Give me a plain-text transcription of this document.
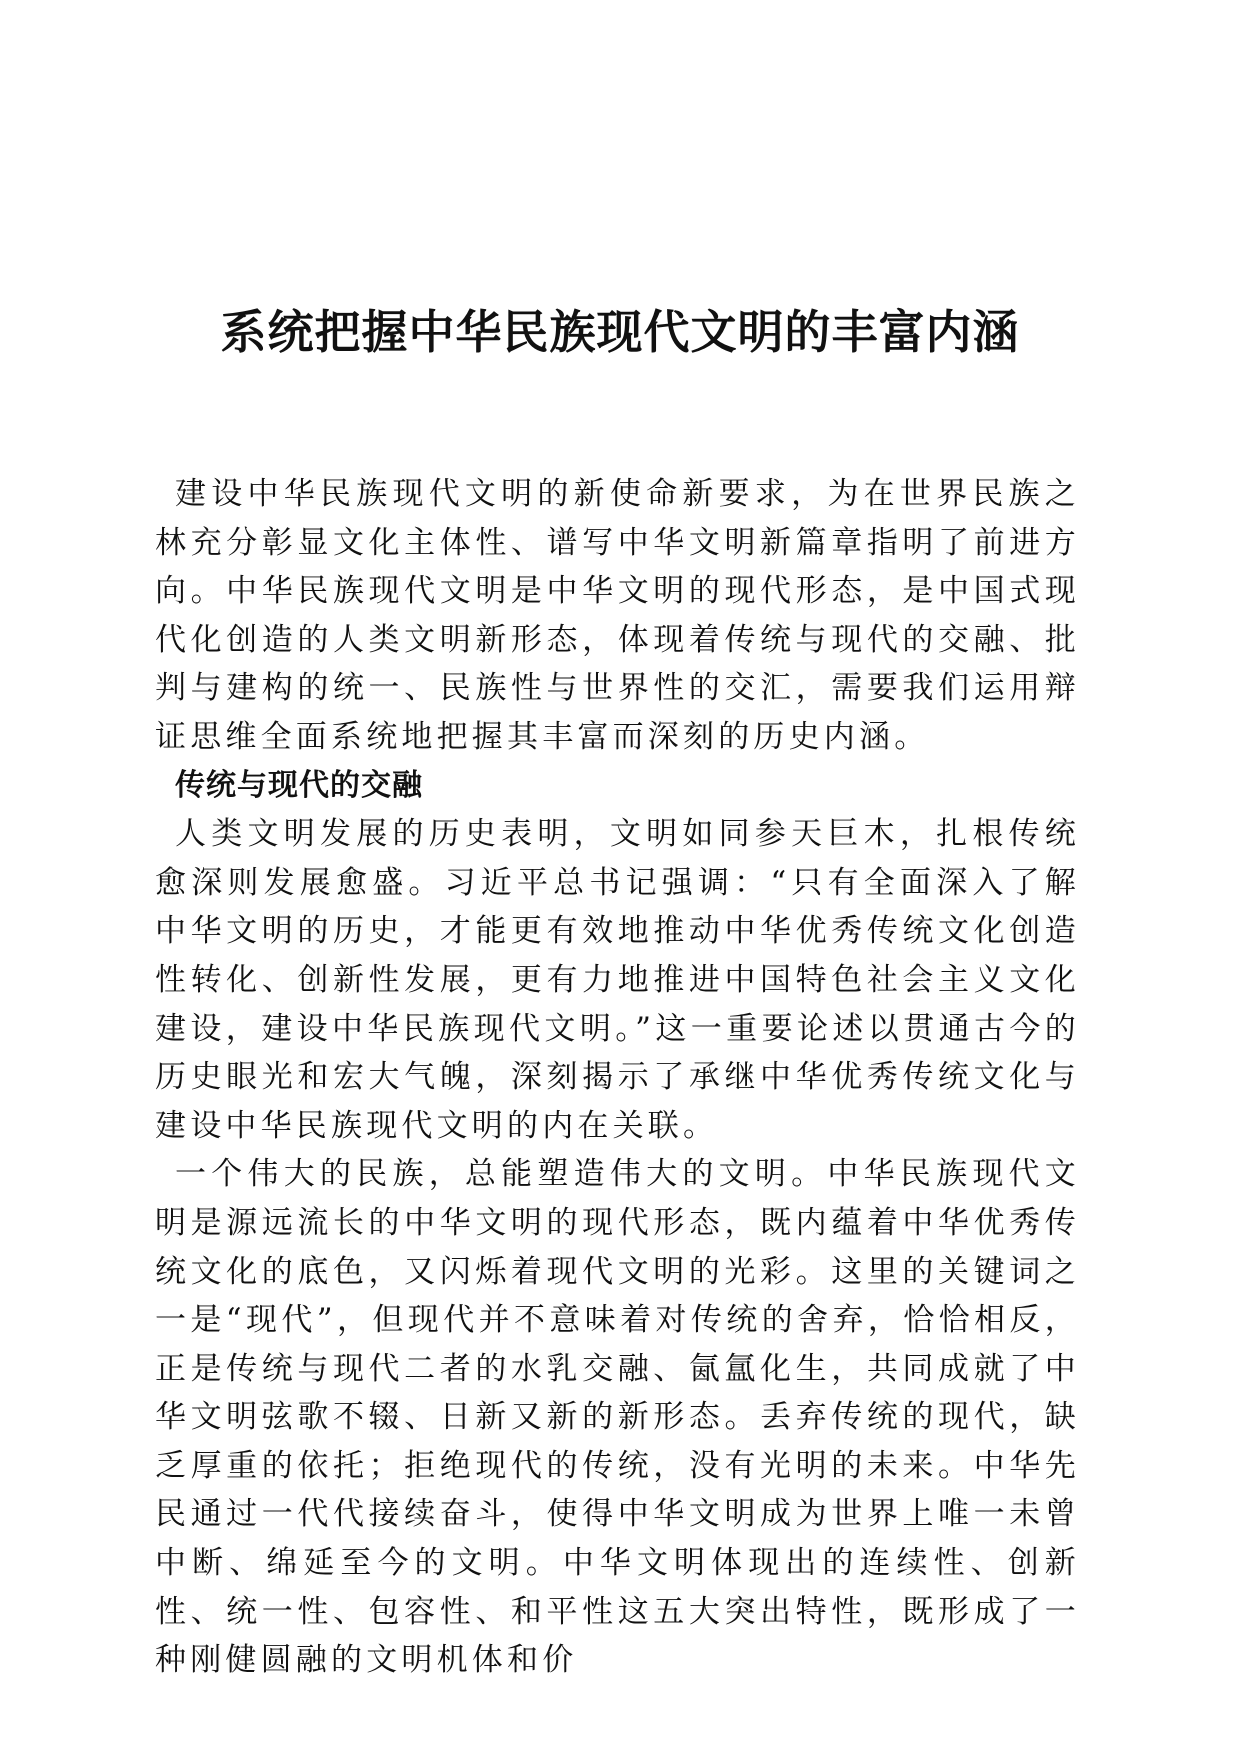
系统把握中华民族现代文明的丰富内涵

建设中华民族现代文明的新使命新要求，为在世界民族之林充分彰显文化主体性、谱写中华文明新篇章指明了前进方向。中华民族现代文明是中华文明的现代形态，是中国式现代化创造的人类文明新形态，体现着传统与现代的交融、批判与建构的统一、民族性与世界性的交汇，需要我们运用辩证思维全面系统地把握其丰富而深刻的历史内涵。

传统与现代的交融

人类文明发展的历史表明，文明如同参天巨木，扎根传统愈深则发展愈盛。习近平总书记强调：“只有全面深入了解中华文明的历史，才能更有效地推动中华优秀传统文化创造性转化、创新性发展，更有力地推进中国特色社会主义文化建设，建设中华民族现代文明。”这一重要论述以贯通古今的历史眼光和宏大气魄，深刻揭示了承继中华优秀传统文化与建设中华民族现代文明的内在关联。

一个伟大的民族，总能塑造伟大的文明。中华民族现代文明是源远流长的中华文明的现代形态，既内蕴着中华优秀传统文化的底色，又闪烁着现代文明的光彩。这里的关键词之一是“现代”，但现代并不意味着对传统的舍弃，恰恰相反，正是传统与现代二者的水乳交融、氤氲化生，共同成就了中华文明弦歌不辍、日新又新的新形态。丢弃传统的现代，缺乏厚重的依托；拒绝现代的传统，没有光明的未来。中华先民通过一代代接续奋斗，使得中华文明成为世界上唯一未曾中断、绵延至今的文明。中华文明体现出的连续性、创新性、统一性、包容性、和平性这五大突出特性，既形成了一种刚健圆融的文明机体和价
